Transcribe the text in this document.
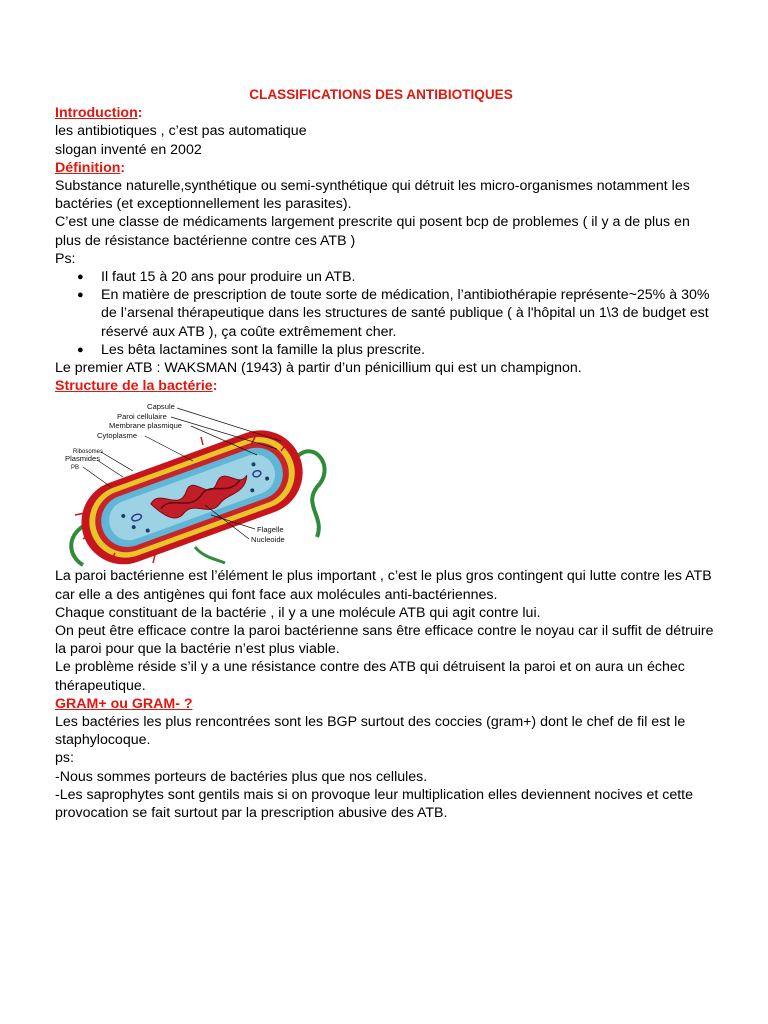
CLASSIFICATIONS DES ANTIBIOTIQUES

Introduction:

les antibiotiques , c’est pas automatique

slogan inventé en 2002

Définition:

Substance naturelle,synthétique ou semi-synthétique qui détruit les micro-organismes notamment les bactéries (et exceptionnellement les parasites).

C’est une classe de médicaments largement prescrite qui posent bcp de problemes ( il y a de plus en plus de résistance bactérienne contre ces ATB )

Ps:

● Il faut 15 à 20 ans pour produire un ATB.
● En matière de prescription de toute sorte de médication, l’antibiothérapie représente~25% à 30% de l’arsenal thérapeutique dans les structures de santé publique ( à l'hôpital un 1\3 de budget est réservé aux ATB ), ça coûte extrêmement cher.
● Les bêta lactamines sont la famille la plus prescrite.

Le premier ATB : WAKSMAN (1943) à partir d’un pénicillium qui est un champignon.

Structure de la bactérie:

Capsule
Paroi cellulaire
Membrane plasmique
Cytoplasme
Ribosomes
Plasmides
PB
Flagelle
Nucleoide

La paroi bactérienne est l’élément le plus important , c’est le plus gros contingent qui lutte contre les ATB car elle a des antigènes qui font face aux molécules anti-bactériennes.

Chaque constituant de la bactérie , il y a une molécule ATB qui agit contre lui.

On peut être efficace contre la paroi bactérienne sans être efficace contre le noyau car il suffit de détruire la paroi pour que la bactérie n’est plus viable.

Le problème réside s’il y a une résistance contre des ATB qui détruisent la paroi et on aura un échec thérapeutique.

GRAM+ ou GRAM- ?

Les bactéries les plus rencontrées sont les BGP surtout des coccies (gram+) dont le chef de fil est le staphylocoque.

ps:

-Nous sommes porteurs de bactéries plus que nos cellules.

-Les saprophytes sont gentils mais si on provoque leur multiplication elles deviennent nocives et cette provocation se fait surtout par la prescription abusive des ATB.
